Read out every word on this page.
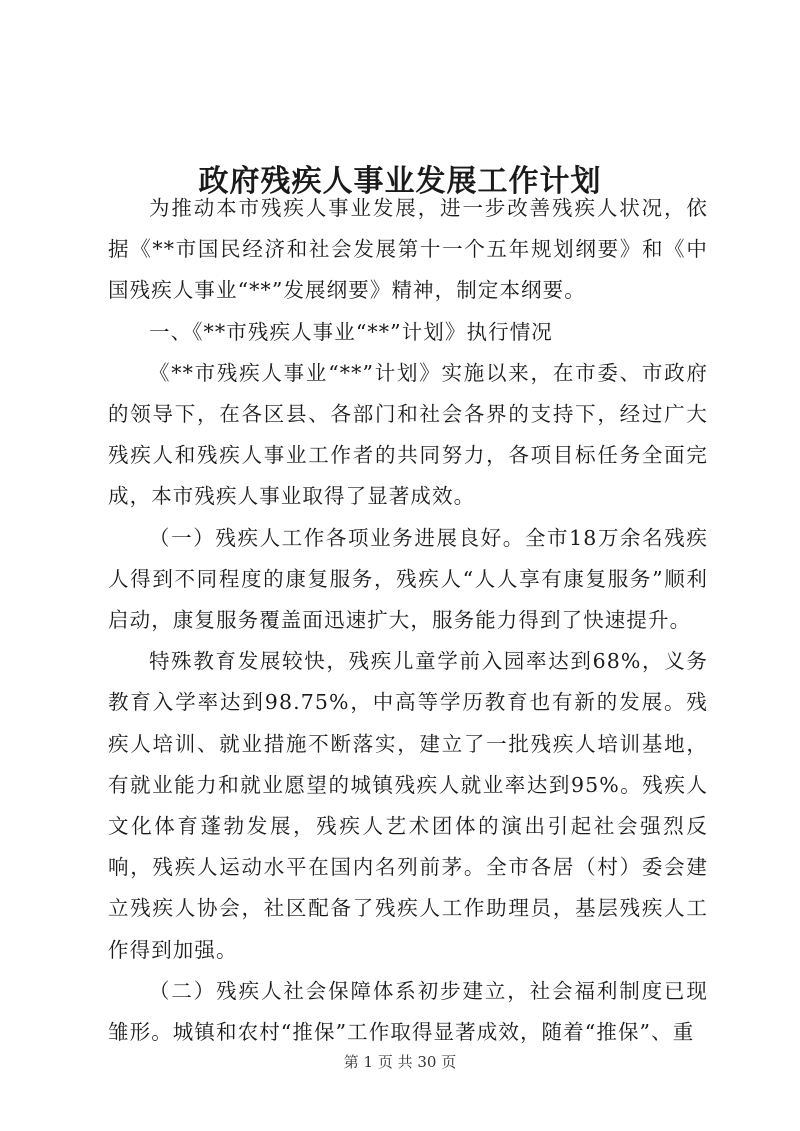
政府残疾人事业发展工作计划

为推动本市残疾人事业发展，进一步改善残疾人状况，依据《**市国民经济和社会发展第十一个五年规划纲要》和《中国残疾人事业“**”发展纲要》精神，制定本纲要。

一、《**市残疾人事业“**”计划》执行情况

《**市残疾人事业“**”计划》实施以来，在市委、市政府的领导下，在各区县、各部门和社会各界的支持下，经过广大残疾人和残疾人事业工作者的共同努力，各项目标任务全面完成，本市残疾人事业取得了显著成效。

（一）残疾人工作各项业务进展良好。全市18万余名残疾人得到不同程度的康复服务，残疾人“人人享有康复服务”顺利启动，康复服务覆盖面迅速扩大，服务能力得到了快速提升。

特殊教育发展较快，残疾儿童学前入园率达到68%，义务教育入学率达到98.75%，中高等学历教育也有新的发展。残疾人培训、就业措施不断落实，建立了一批残疾人培训基地，有就业能力和就业愿望的城镇残疾人就业率达到95%。残疾人文化体育蓬勃发展，残疾人艺术团体的演出引起社会强烈反响，残疾人运动水平在国内名列前茅。全市各居（村）委会建立残疾人协会，社区配备了残疾人工作助理员，基层残疾人工作得到加强。

（二）残疾人社会保障体系初步建立，社会福利制度已现雏形。城镇和农村“推保”工作取得显著成效，随着“推保”、重

第 1 页 共 30 页
